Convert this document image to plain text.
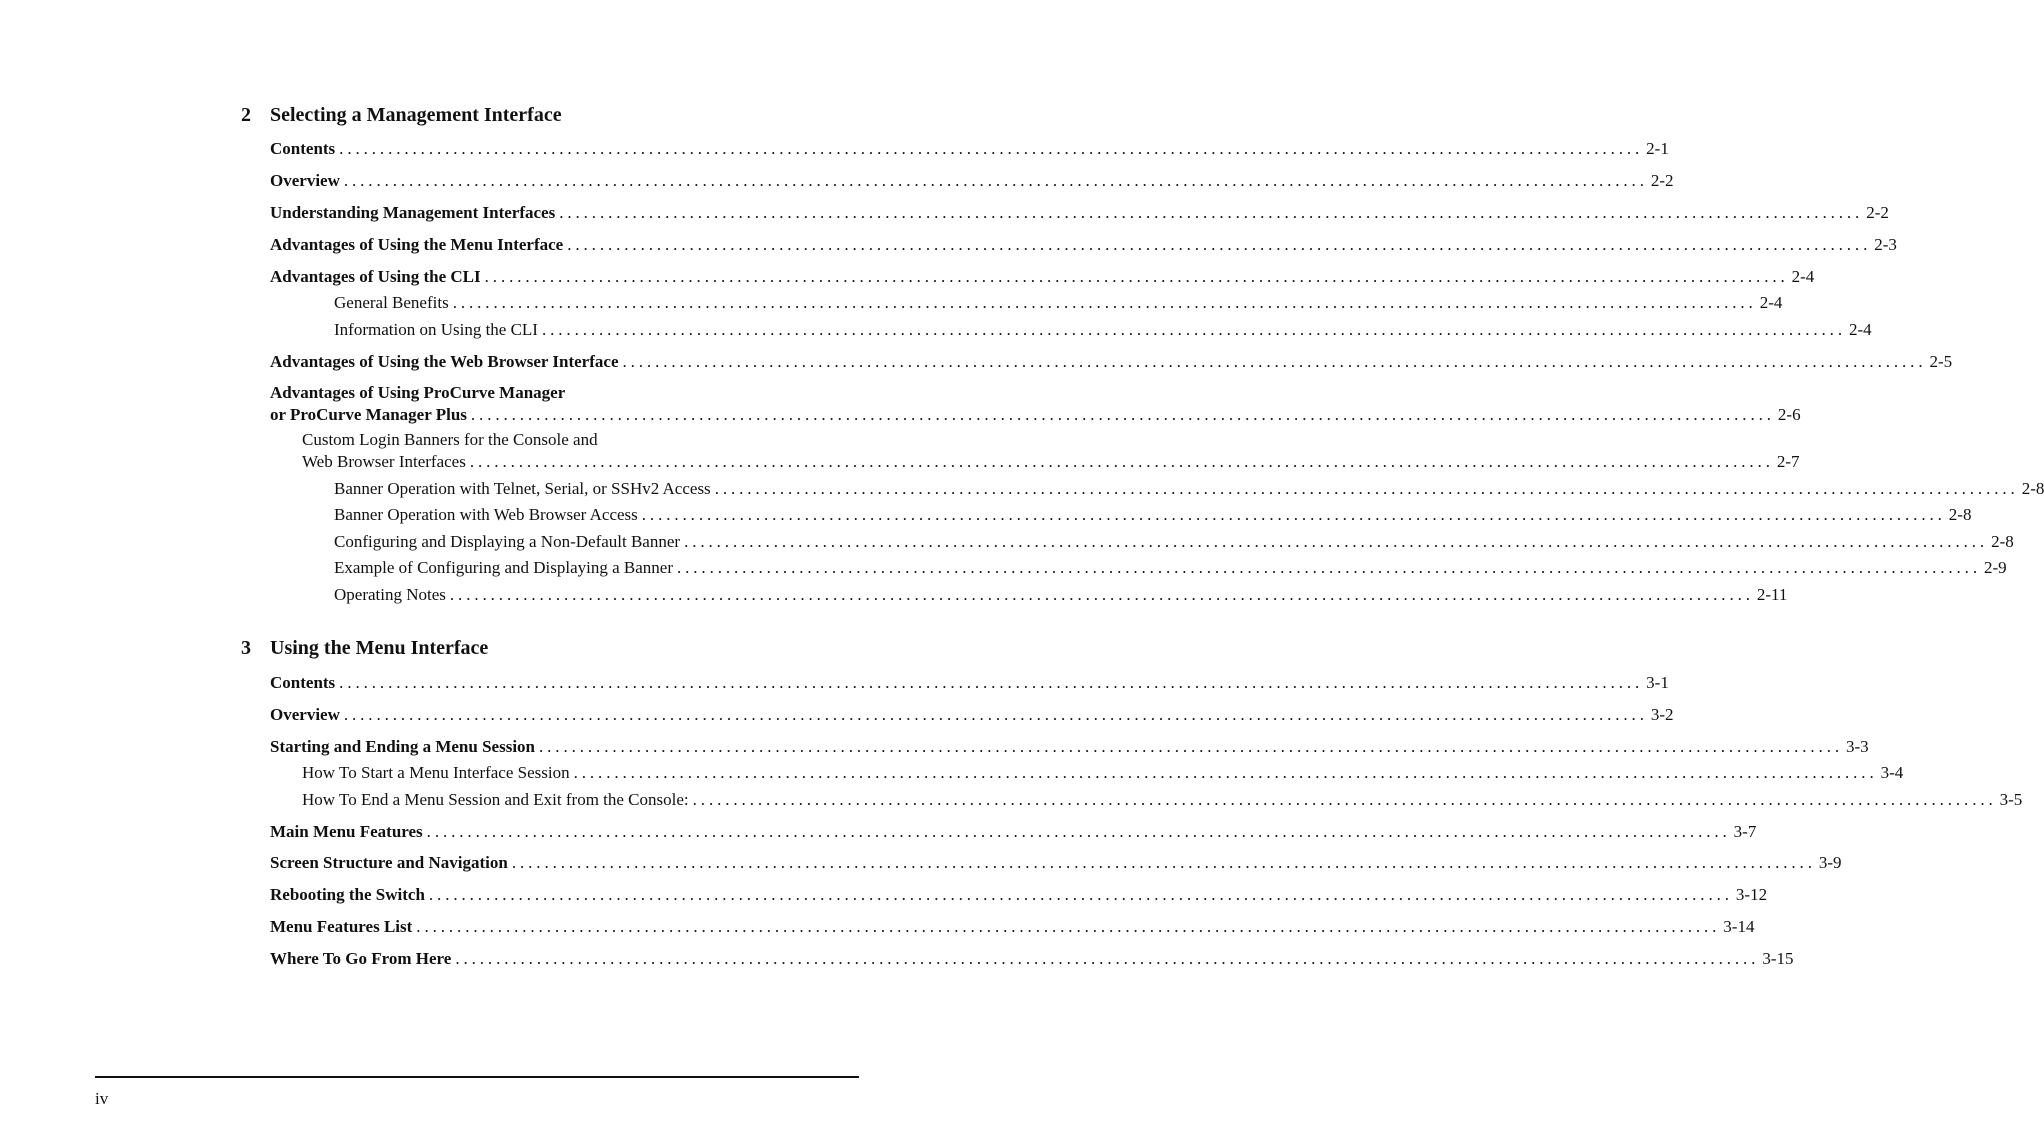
2 Selecting a Management Interface
Contents ................................................................................................................................................................ 2-1
Overview ................................................................................................................................................................ 2-2
Understanding Management Interfaces ................................................................................................................................................................ 2-2
Advantages of Using the Menu Interface ................................................................................................................................................................ 2-3
Advantages of Using the CLI ................................................................................................................................................................ 2-4
General Benefits ................................................................................................................................................................ 2-4
Information on Using the CLI ................................................................................................................................................................ 2-4
Advantages of Using the Web Browser Interface ................................................................................................................................................................ 2-5
Advantages of Using ProCurve Manager
or ProCurve Manager Plus ................................................................................................................................................................ 2-6
Custom Login Banners for the Console and
Web Browser Interfaces ................................................................................................................................................................ 2-7
Banner Operation with Telnet, Serial, or SSHv2 Access ................................................................................................................................................................ 2-8
Banner Operation with Web Browser Access ................................................................................................................................................................ 2-8
Configuring and Displaying a Non-Default Banner ................................................................................................................................................................ 2-8
Example of Configuring and Displaying a Banner ................................................................................................................................................................ 2-9
Operating Notes ................................................................................................................................................................ 2-11
3 Using the Menu Interface
Contents ................................................................................................................................................................ 3-1
Overview ................................................................................................................................................................ 3-2
Starting and Ending a Menu Session ................................................................................................................................................................ 3-3
How To Start a Menu Interface Session ................................................................................................................................................................ 3-4
How To End a Menu Session and Exit from the Console: ................................................................................................................................................................ 3-5
Main Menu Features ................................................................................................................................................................ 3-7
Screen Structure and Navigation ................................................................................................................................................................ 3-9
Rebooting the Switch ................................................................................................................................................................ 3-12
Menu Features List ................................................................................................................................................................ 3-14
Where To Go From Here ................................................................................................................................................................ 3-15
iv
